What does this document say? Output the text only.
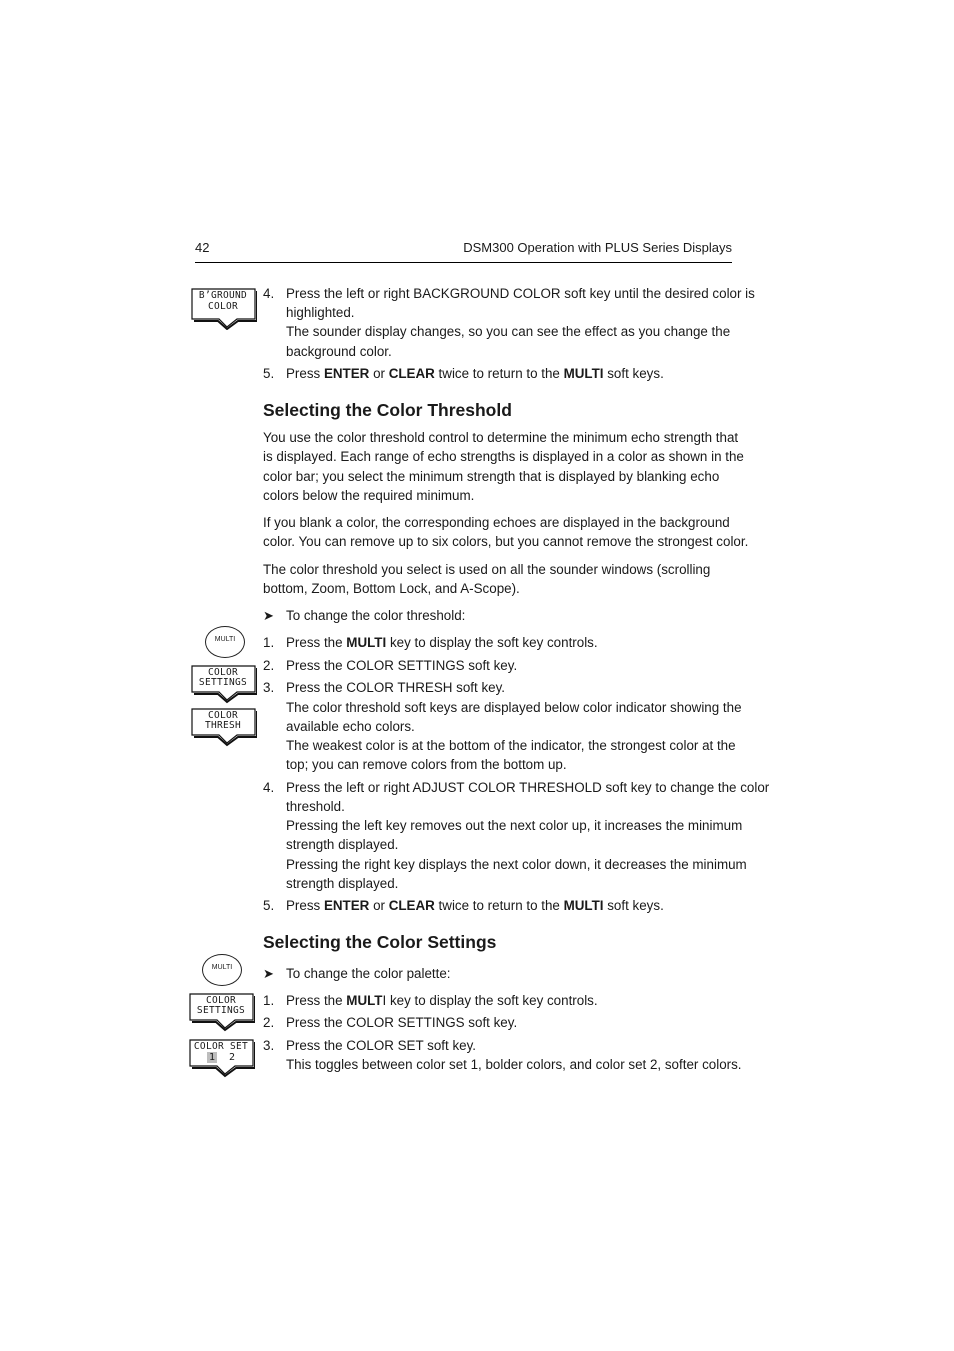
42	DSM300 Operation with PLUS Series Displays
B’GROUND
COLOR
4. Press the left or right BACKGROUND COLOR soft key until the desired color is
highlighted.
The sounder display changes, so you can see the effect as you change the
background color.
5. Press ENTER or CLEAR twice to return to the MULTI soft keys.
Selecting the Color Threshold
You use the color threshold control to determine the minimum echo strength that
is displayed. Each range of echo strengths is displayed in a color as shown in the
color bar; you select the minimum strength that is displayed by blanking echo
colors below the required minimum.
If you blank a color, the corresponding echoes are displayed in the background
color. You can remove up to six colors, but you cannot remove the strongest color.
The color threshold you select is used on all the sounder windows (scrolling
bottom, Zoom, Bottom Lock, and A-Scope).
➤ To change the color threshold:
MULTI
COLOR
SETTINGS
COLOR
THRESH
1. Press the MULTI key to display the soft key controls.
2. Press the COLOR SETTINGS soft key.
3. Press the COLOR THRESH soft key.
The color threshold soft keys are displayed below color indicator showing the
available echo colors.
The weakest color is at the bottom of the indicator, the strongest color at the
top; you can remove colors from the bottom up.
4. Press the left or right ADJUST COLOR THRESHOLD soft key to change the color
threshold.
Pressing the left key removes out the next color up, it increases the minimum
strength displayed.
Pressing the right key displays the next color down, it decreases the minimum
strength displayed.
5. Press ENTER or CLEAR twice to return to the MULTI soft keys.
Selecting the Color Settings
MULTI	➤ To change the color palette:
COLOR
SETTINGS
COLOR SET
1 2
1. Press the MULTI key to display the soft key controls.
2. Press the COLOR SETTINGS soft key.
3. Press the COLOR SET soft key.
This toggles between color set 1, bolder colors, and color set 2, softer colors.
